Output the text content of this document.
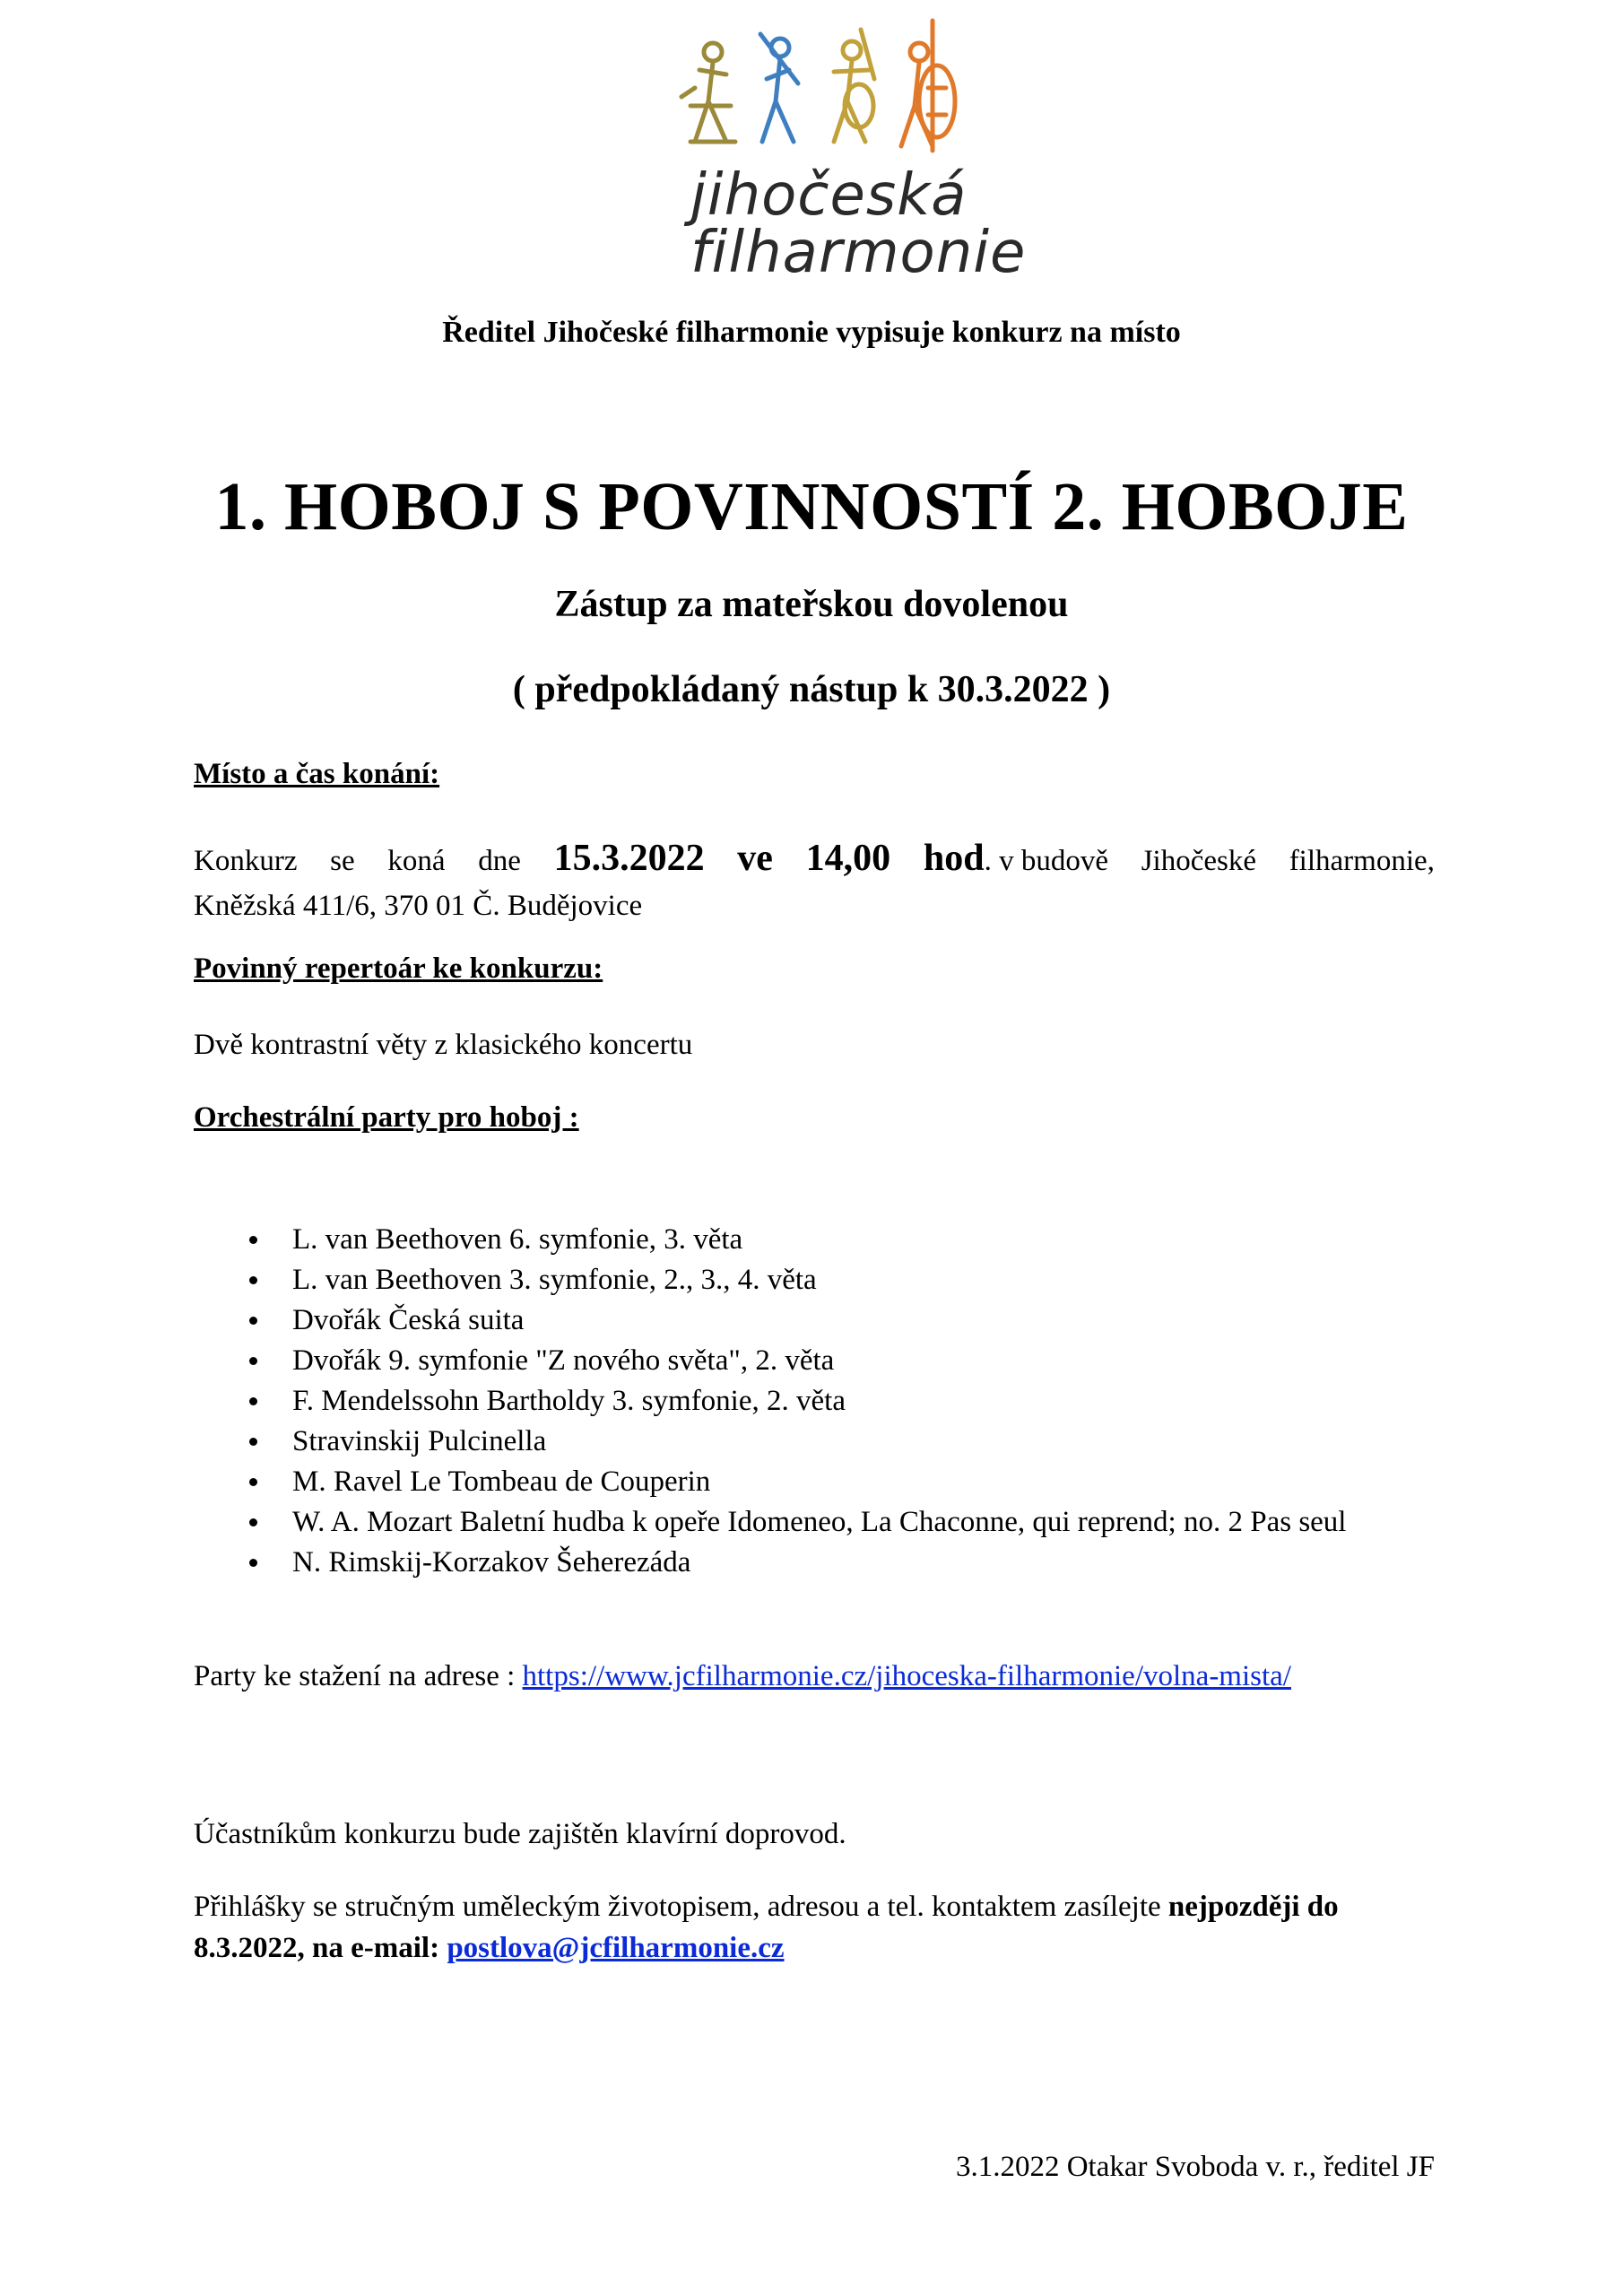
jihočeská
filharmonie
Ředitel Jihočeské filharmonie vypisuje konkurz na místo
1. HOBOJ S POVINNOSTÍ 2. HOBOJE
Zástup za mateřskou dovolenou
( předpokládaný nástup k 30.3.2022 )
Místo a čas konání:
Konkurz se koná dne 15.3.2022 ve 14,00 hod. v budově Jihočeské filharmonie,
Kněžská 411/6, 370 01 Č. Budějovice
Povinný repertoár ke konkurzu:
Dvě kontrastní věty z klasického koncertu
Orchestrální party pro hoboj :
L. van Beethoven 6. symfonie, 3. věta
L. van Beethoven 3. symfonie, 2., 3., 4. věta
Dvořák Česká suita
Dvořák 9. symfonie "Z nového světa", 2. věta
F. Mendelssohn Bartholdy 3. symfonie, 2. věta
Stravinskij Pulcinella
M. Ravel Le Tombeau de Couperin
W. A. Mozart Baletní hudba k opeře Idomeneo, La Chaconne, qui reprend; no. 2 Pas seul
N. Rimskij-Korzakov Šeherezáda
Party ke stažení na adrese : https://www.jcfilharmonie.cz/jihoceska-filharmonie/volna-mista/
Účastníkům konkurzu bude zajištěn klavírní doprovod.
Přihlášky se stručným uměleckým životopisem, adresou a tel. kontaktem zasílejte nejpozději do 8.3.2022, na e-mail: postlova@jcfilharmonie.cz
3.1.2022 Otakar Svoboda v. r., ředitel JF
